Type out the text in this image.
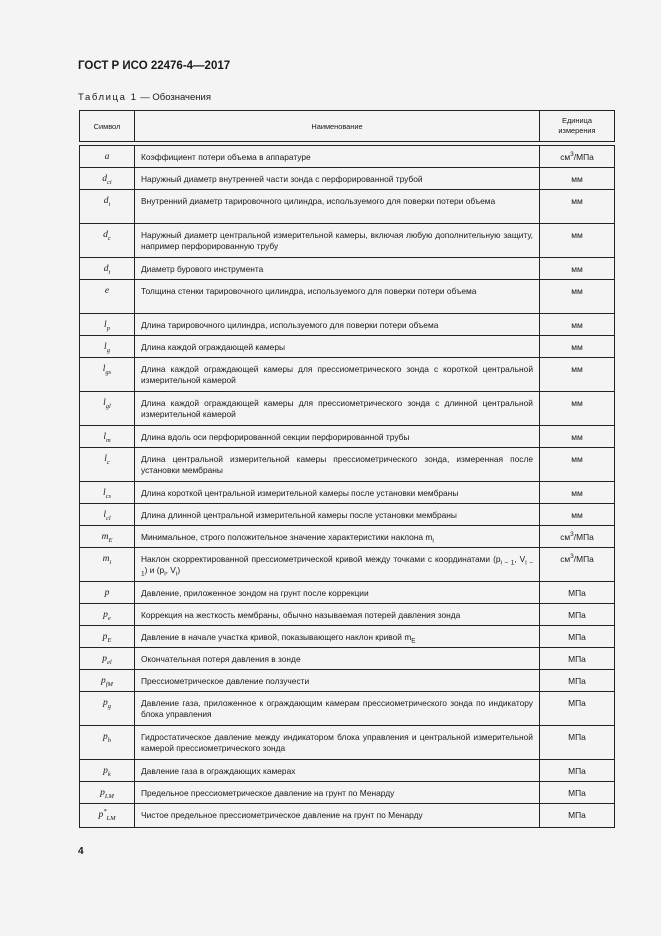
ГОСТ Р ИСО 22476-4—2017
Таблица 1 — Обозначения
Символ	Наименование	Единица
измерения

a	Коэффициент потери объема в аппаратуре	$см^3$/МПа
$d_{ci}$	Наружный диаметр внутренней части зонда с перфорированной трубой	мм
$d_i$	Внутренний диаметр тарировочного цилиндра, используемого для поверки потери объема	мм
$d_c$	Наружный диаметр центральной измерительной камеры, включая любую дополнительную защиту, например перфорированную трубу	мм
$d_t$	Диаметр бурового инструмента	мм
e	Толщина стенки тарировочного цилиндра, используемого для поверки потери объема	мм
$l_p$	Длина тарировочного цилиндра, используемого для поверки потери объема	мм
$l_g$	Длина каждой ограждающей камеры	мм
$l_{gs}$	Длина каждой ограждающей камеры для прессиометрического зонда с короткой центральной измерительной камерой	мм
$l_{gl}$	Длина каждой ограждающей камеры для прессиометрического зонда с длинной центральной измерительной камерой	мм
$l_m$	Длина вдоль оси перфорированной секции перфорированной трубы	мм
$l_c$	Длина центральной измерительной камеры прессиометрического зонда, измеренная после установки мембраны	мм
$l_{cs}$	Длина короткой центральной измерительной камеры после установки мембраны	мм
$l_{cl}$	Длина длинной центральной измерительной камеры после установки мембраны	мм
$m_E$	Минимальное, строго положительное значение характеристики наклона $m_i$	$см^3$/МПа
$m_i$	Наклон скорректированной прессиометрической кривой между точками с координатами ($p_{i - 1}$, $V_{i - 1}$) и ($p_i$, $V_i$)	$см^3$/МПа
p	Давление, приложенное зондом на грунт после коррекции	МПа
$p_e$	Коррекция на жесткость мембраны, обычно называемая потерей давления зонда	МПа
$p_E$	Давление в начале участка кривой, показывающего наклон кривой $m_E$	МПа
$p_{el}$	Окончательная потеря давления в зонде	МПа
$p_{fM}$	Прессиометрическое давление ползучести	МПа
$p_g$	Давление газа, приложенное к ограждающим камерам прессиометрического зонда по индикатору блока управления	МПа
$p_h$	Гидростатическое давление между индикатором блока управления и центральной измерительной камерой прессиометрического зонда	МПа
$p_k$	Давление газа в ограждающих камерах	МПа
$p_{LM}$	Предельное прессиометрическое давление на грунт по Менарду	МПа
$p^*_{LM}$	Чистое предельное прессиометрическое давление на грунт по Менарду	МПа
4
